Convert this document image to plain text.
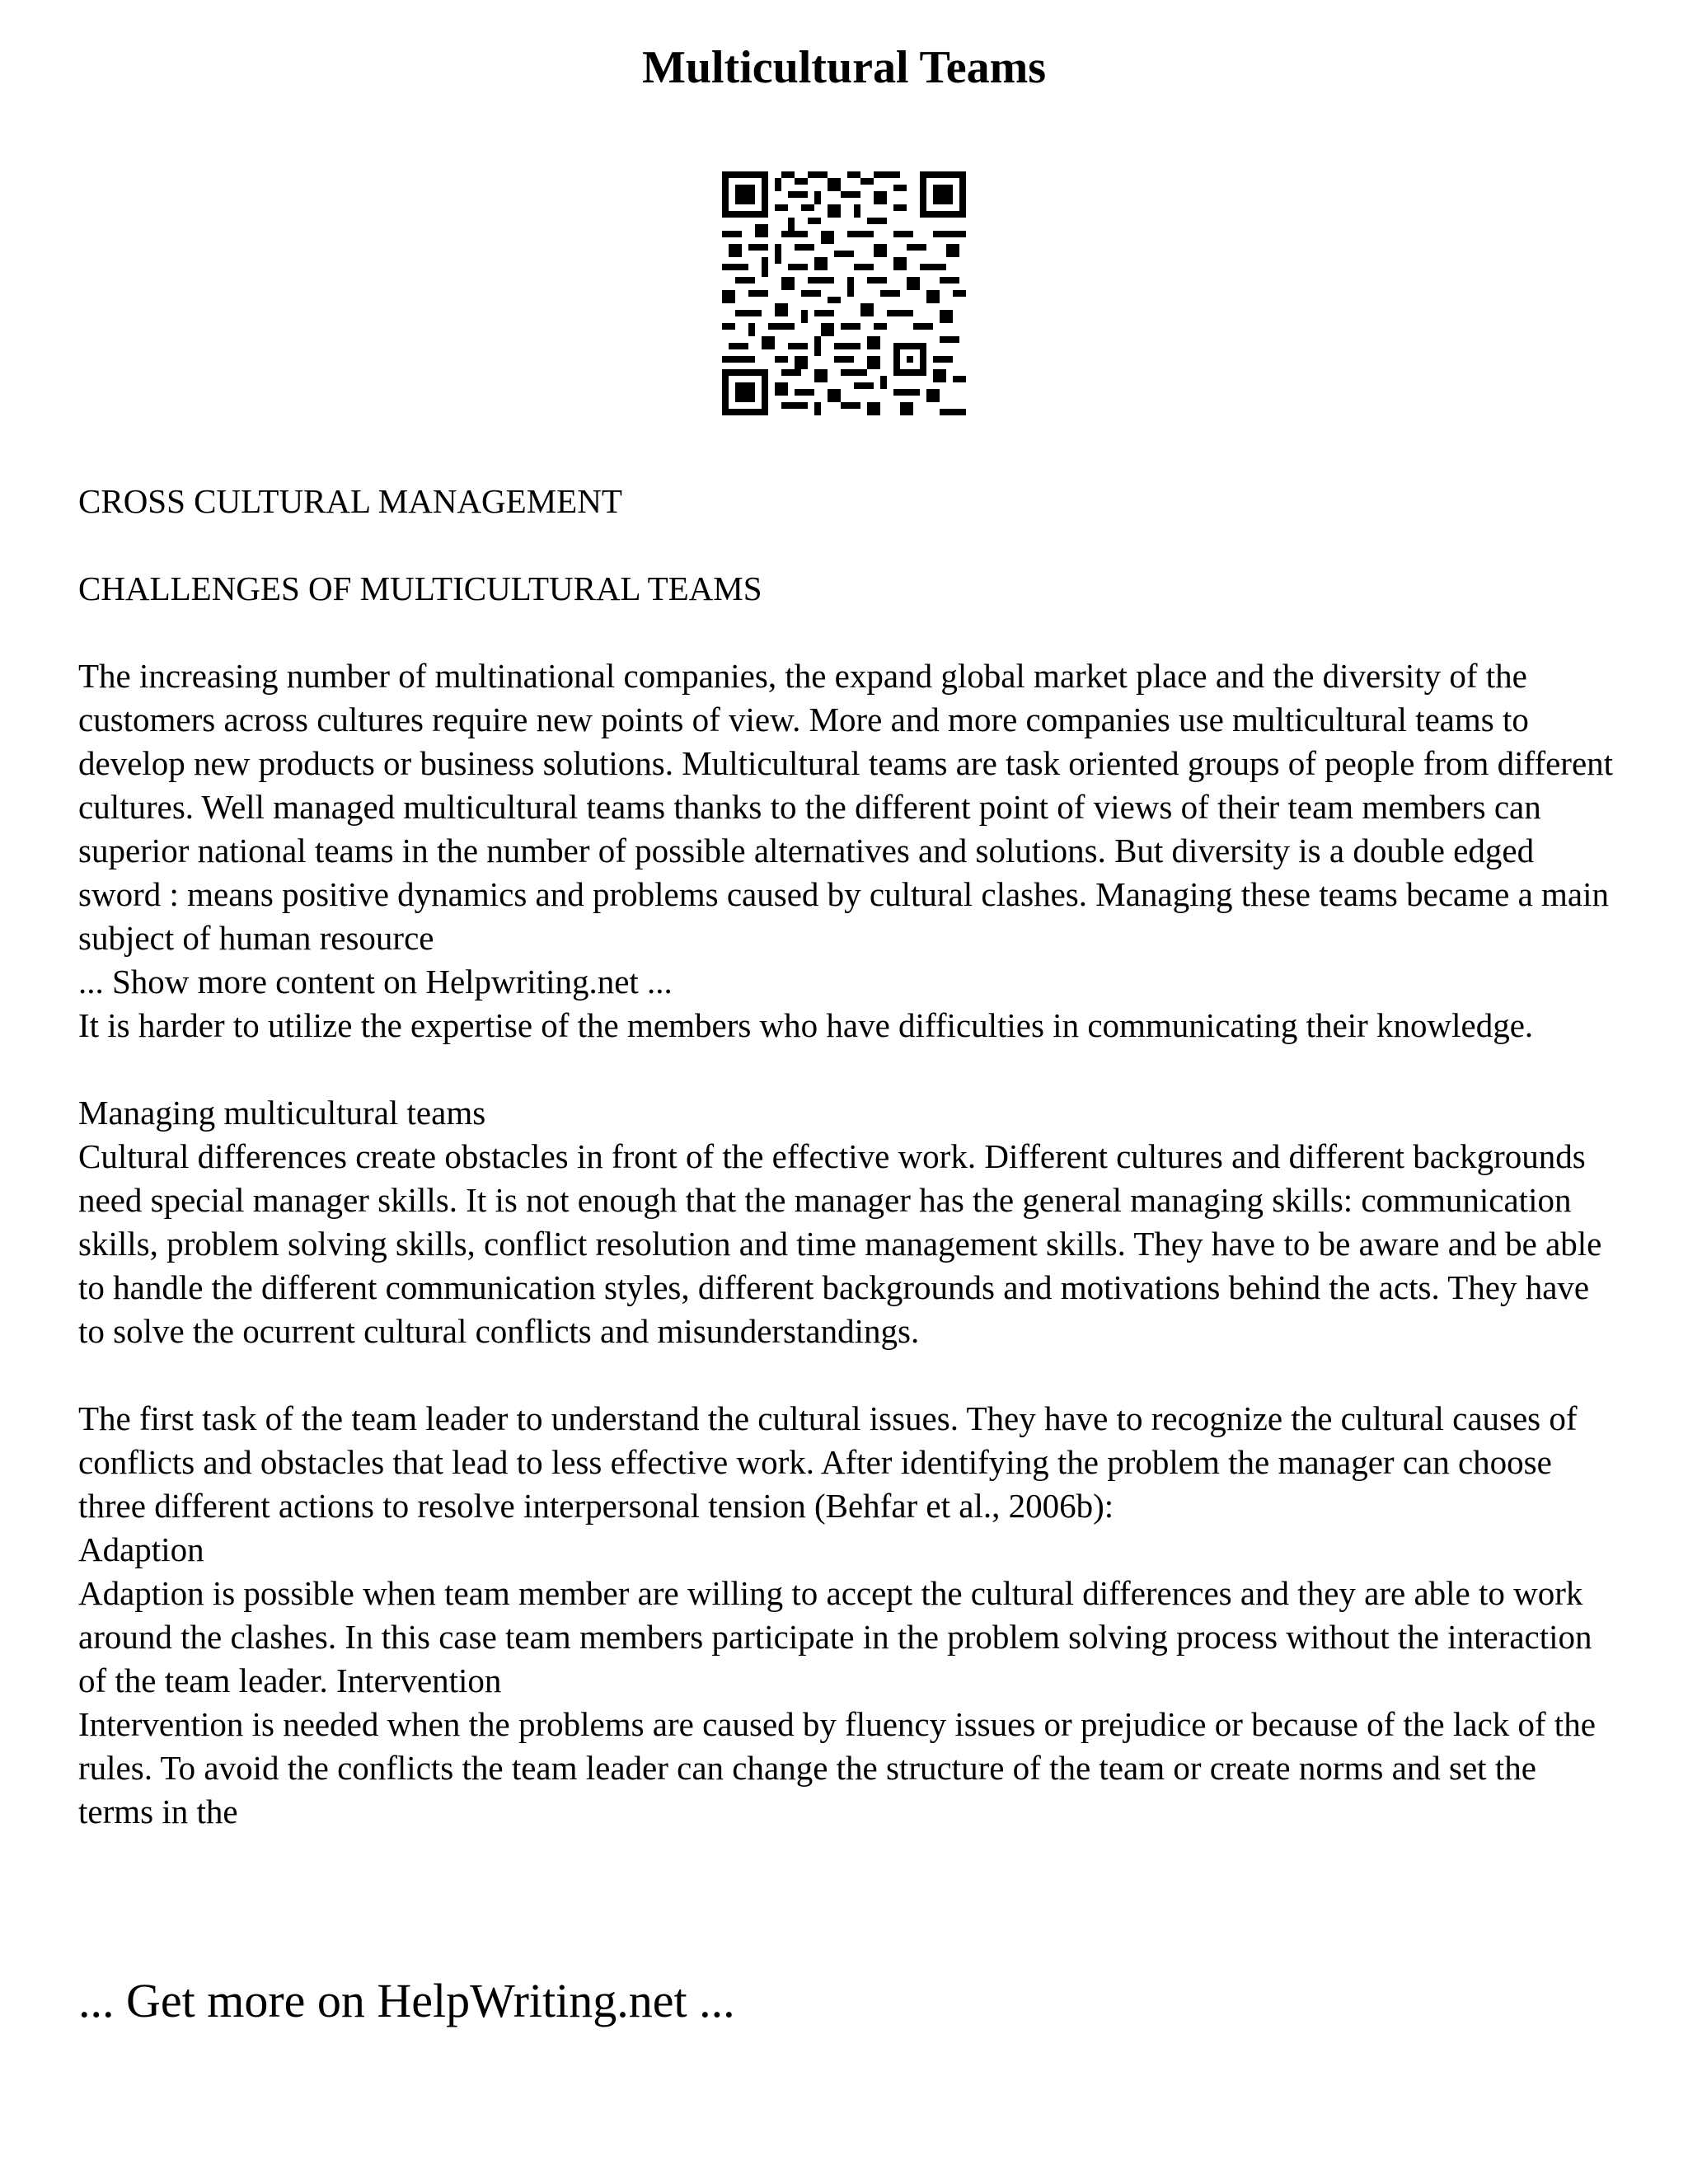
Multicultural Teams

CROSS CULTURAL MANAGEMENT

CHALLENGES OF MULTICULTURAL TEAMS

The increasing number of multinational companies, the expand global market place and the diversity of the customers across cultures require new points of view. More and more companies use multicultural teams to develop new products or business solutions. Multicultural teams are task oriented groups of people from different cultures. Well managed multicultural teams thanks to the different point of views of their team members can superior national teams in the number of possible alternatives and solutions. But diversity is a double edged sword : means positive dynamics and problems caused by cultural clashes. Managing these teams became a main subject of human resource

... Show more content on Helpwriting.net ...

It is harder to utilize the expertise of the members who have difficulties in communicating their knowledge.

Managing multicultural teams

Cultural differences create obstacles in front of the effective work. Different cultures and different backgrounds need special manager skills. It is not enough that the manager has the general managing skills: communication skills, problem solving skills, conflict resolution and time management skills. They have to be aware and be able to handle the different communication styles, different backgrounds and motivations behind the acts. They have to solve the ocurrent cultural conflicts and misunderstandings.

The first task of the team leader to understand the cultural issues. They have to recognize the cultural causes of conflicts and obstacles that lead to less effective work. After identifying the problem the manager can choose three different actions to resolve interpersonal tension (Behfar et al., 2006b):

Adaption

Adaption is possible when team member are willing to accept the cultural differences and they are able to work around the clashes. In this case team members participate in the problem solving process without the interaction of the team leader. Intervention

Intervention is needed when the problems are caused by fluency issues or prejudice or because of the lack of the rules. To avoid the conflicts the team leader can change the structure of the team or create norms and set the terms in the

... Get more on HelpWriting.net ...
